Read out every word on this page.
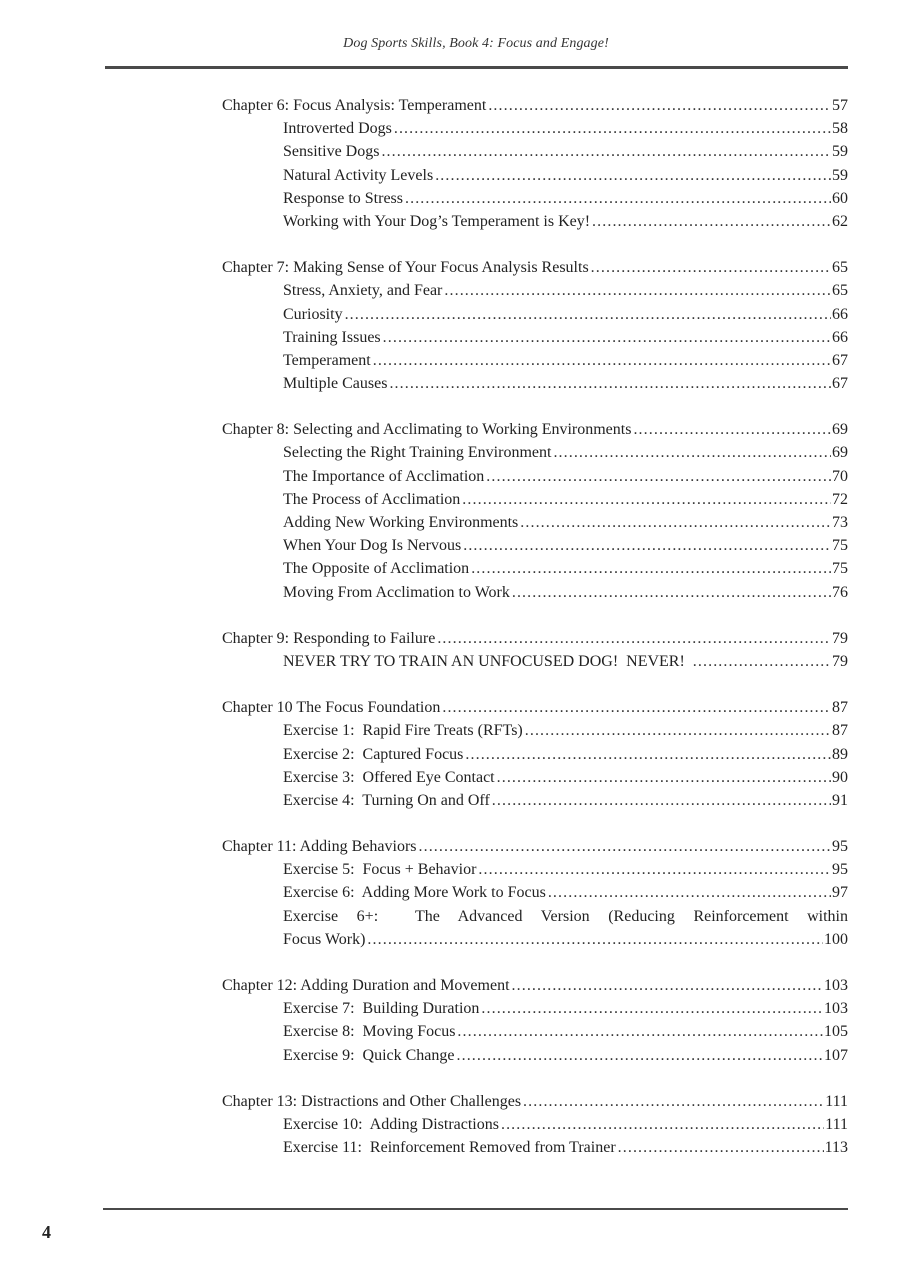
Dog Sports Skills, Book 4: Focus and Engage!
Chapter 6: Focus Analysis: Temperament .....	57
Introverted Dogs .....	58
Sensitive Dogs .....	59
Natural Activity Levels .....	59
Response to Stress .....	60
Working with Your Dog’s Temperament is Key! .....	62
Chapter 7: Making Sense of Your Focus Analysis Results .....	65
Stress, Anxiety, and Fear .....	65
Curiosity .....	66
Training Issues .....	66
Temperament .....	67
Multiple Causes .....	67
Chapter 8: Selecting and Acclimating to Working Environments .....	69
Selecting the Right Training Environment .....	69
The Importance of Acclimation .....	70
The Process of Acclimation .....	72
Adding New Working Environments .....	73
When Your Dog Is Nervous .....	75
The Opposite of Acclimation .....	75
Moving From Acclimation to Work .....	76
Chapter 9: Responding to Failure .....	79
NEVER TRY TO TRAIN AN UNFOCUSED DOG!  NEVER! .....	79
Chapter 10 The Focus Foundation .....	87
Exercise 1:  Rapid Fire Treats (RFTs) .....	87
Exercise 2:  Captured Focus .....	89
Exercise 3:  Offered Eye Contact .....	90
Exercise 4:  Turning On and Off .....	91
Chapter 11: Adding Behaviors .....	95
Exercise 5:  Focus + Behavior .....	95
Exercise 6:  Adding More Work to Focus .....	97
Exercise 6+:  The Advanced Version (Reducing Reinforcement within
Focus Work) .....	100
Chapter 12: Adding Duration and Movement .....	103
Exercise 7:  Building Duration .....	103
Exercise 8:  Moving Focus .....	105
Exercise 9:  Quick Change .....	107
Chapter 13: Distractions and Other Challenges .....	111
Exercise 10:  Adding Distractions .....	111
Exercise 11:  Reinforcement Removed from Trainer .....	113
4
